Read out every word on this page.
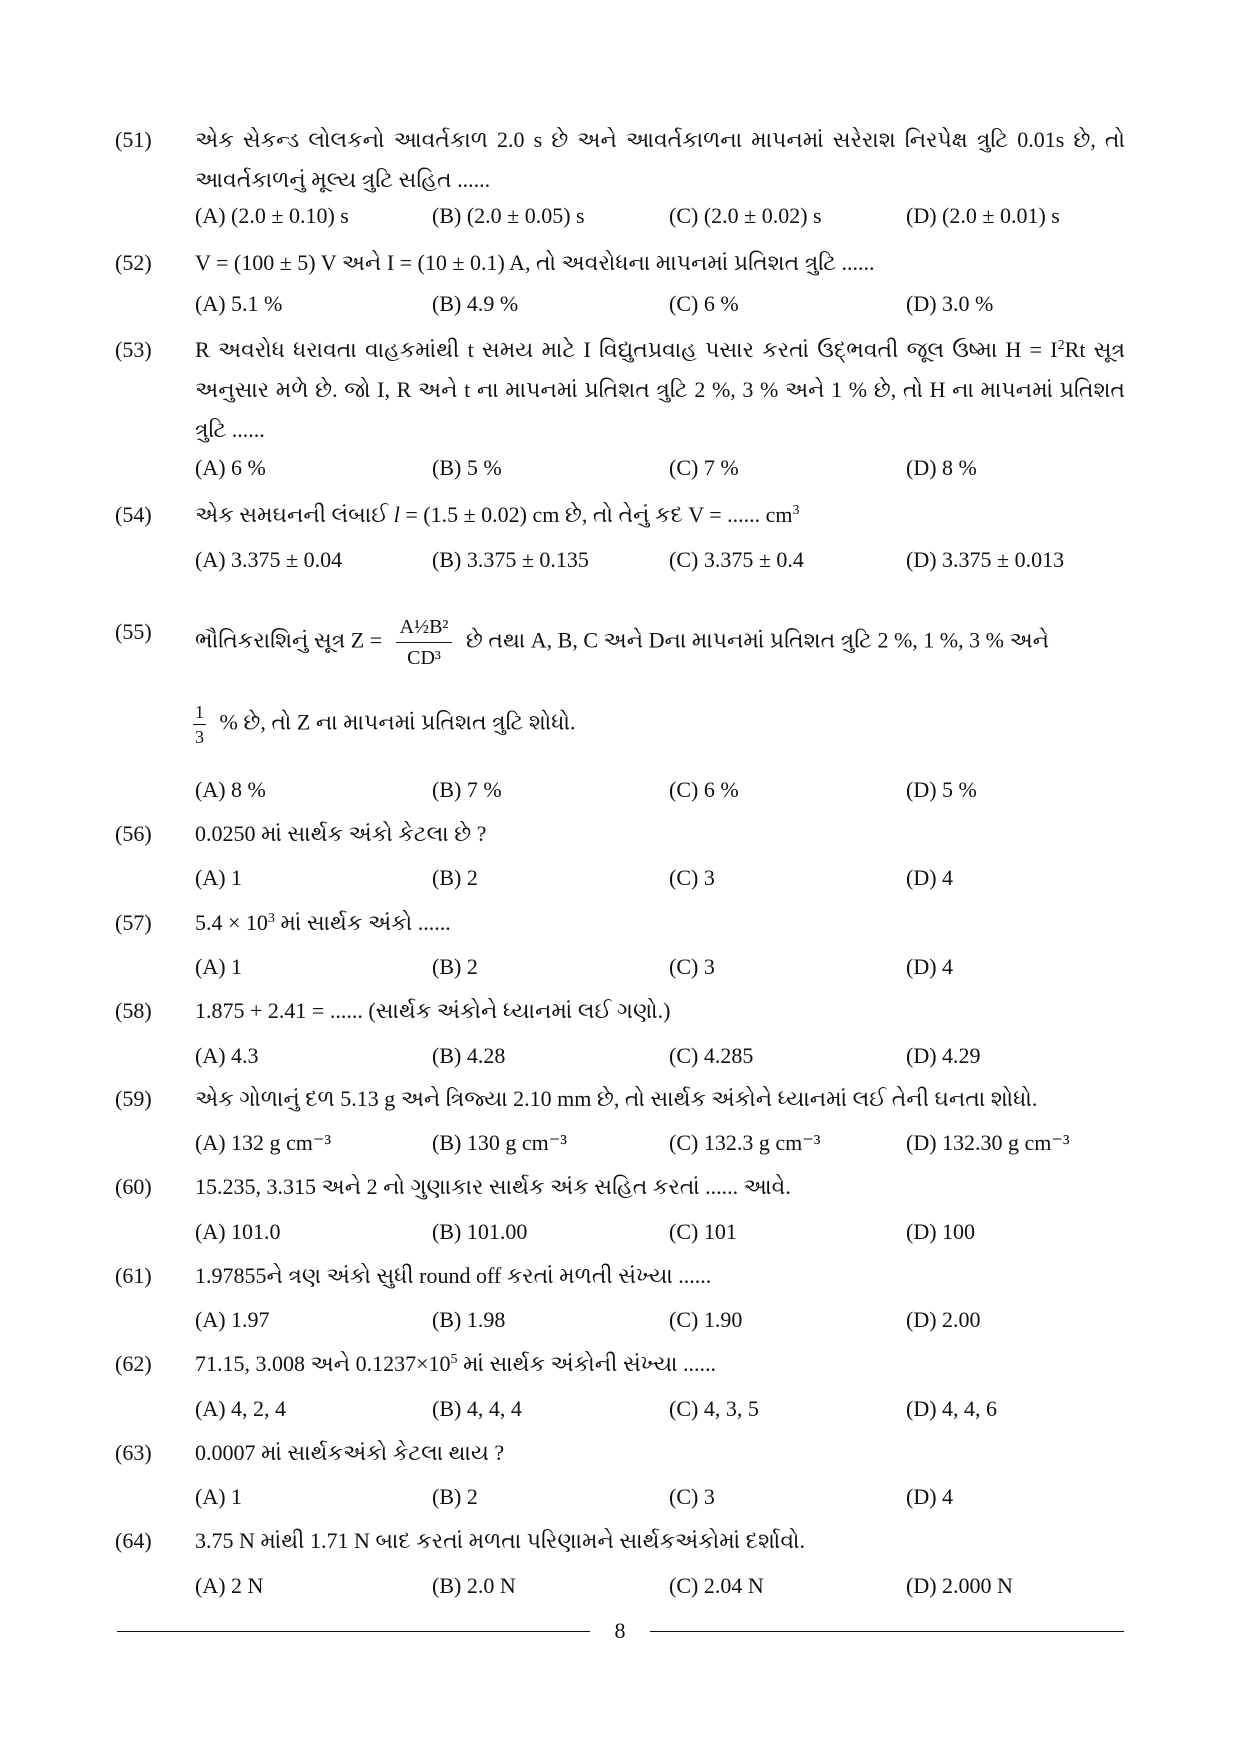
(51)	એક સેકન્ડ લોલકનો આવર્તકાળ 2.0 s છે અને આવર્તકાળના માપનમાં સરેરાશ નિરપેક્ષ ત્રુટિ 0.01s છે, તો આવર્તકાળનું મૂલ્ય ત્રુટિ સહિત ......
(A) (2.0 ± 0.10) s	(B) (2.0 ± 0.05) s	(C) (2.0 ± 0.02) s	(D) (2.0 ± 0.01) s
(52)	V = (100 ± 5) V અને I = (10 ± 0.1) A, તો અવરોધના માપનમાં પ્રતિશત ત્રુટિ ......
(A) 5.1 %	(B) 4.9 %	(C) 6 %	(D) 3.0 %
(53)	R અવરોધ ધરાવતા વાહકમાંથી t સમય માટે I વિદ્યુતપ્રવાહ પસાર કરતાં ઉદ્‌ભવતી જૂલ ઉષ્મા $H = I^2Rt$ સૂત્ર અનુસાર મળે છે. જો I, R અને t ના માપનમાં પ્રતિશત ત્રુટિ 2 %, 3 % અને 1 % છે, તો H ના માપનમાં પ્રતિશત ત્રુટિ ......
(A) 6 %	(B) 5 %	(C) 7 %	(D) 8 %
(54)	એક સમઘનની લંબાઈ l = (1.5 ± 0.02) cm છે, તો તેનું કદ V = ...... $cm^3$
(A) 3.375 ± 0.04	(B) 3.375 ± 0.135	(C) 3.375 ± 0.4	(D) 3.375 ± 0.013
(55)	ભૌતિકરાશિનું સૂત્ર $Z = \frac{\text{A½B²}}{\text{CD³}}$ છે તથા A, B, C અને Dના માપનમાં પ્રતિશત ત્રુટિ 2 %, 1 %, 3 % અને
$\frac{1}{3}$ % છે, તો Z ના માપનમાં પ્રતિશત ત્રુટિ શોધો.
(A) 8 %	(B) 7 %	(C) 6 %	(D) 5 %
(56)	0.0250 માં સાર્થક અંકો કેટલા છે ?
(A) 1	(B) 2	(C) 3	(D) 4
(57)	$5.4 \times 10^3$ માં સાર્થક અંકો ......
(A) 1	(B) 2	(C) 3	(D) 4
(58)	1.875 + 2.41 = ...... (સાર્થક અંકોને ધ્યાનમાં લઈ ગણો.)
(A) 4.3	(B) 4.28	(C) 4.285	(D) 4.29
(59)	એક ગોળાનું દળ 5.13 g અને ત્રિજ્યા 2.10 mm છે, તો સાર્થક અંકોને ધ્યાનમાં લઈ તેની ઘનતા શોધો.
(A) 132 g cm⁻³	(B) 130 g cm⁻³	(C) 132.3 g cm⁻³	(D) 132.30 g cm⁻³
(60)	15.235, 3.315 અને 2 નો ગુણાકાર સાર્થક અંક સહિત કરતાં ...... આવે.
(A) 101.0	(B) 101.00	(C) 101	(D) 100
(61)	1.97855ને ત્રણ અંકો સુધી round off કરતાં મળતી સંખ્યા ......
(A) 1.97	(B) 1.98	(C) 1.90	(D) 2.00
(62)	71.15, 3.008 અને $0.1237\times 10^5$ માં સાર્થક અંકોની સંખ્યા ......
(A) 4, 2, 4	(B) 4, 4, 4	(C) 4, 3, 5	(D) 4, 4, 6
(63)	0.0007 માં સાર્થકઅંકો કેટલા થાય ?
(A) 1	(B) 2	(C) 3	(D) 4
(64)	3.75 N માંથી 1.71 N બાદ કરતાં મળતા પરિણામને સાર્થકઅંકોમાં દર્શાવો.
(A) 2 N	(B) 2.0 N	(C) 2.04 N	(D) 2.000 N
8
